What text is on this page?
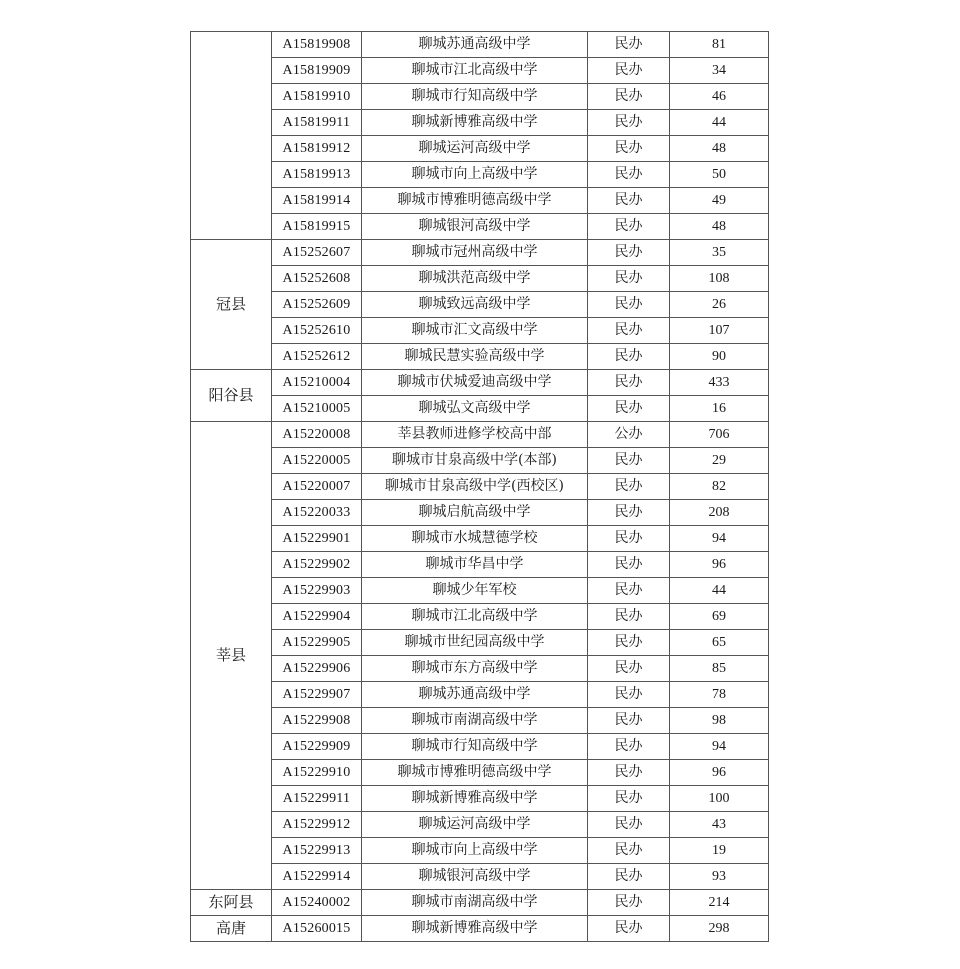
	A15819908	聊城苏通高级中学	民办	81
	A15819909	聊城市江北高级中学	民办	34
	A15819910	聊城市行知高级中学	民办	46
	A15819911	聊城新博雅高级中学	民办	44
	A15819912	聊城运河高级中学	民办	48
	A15819913	聊城市向上高级中学	民办	50
	A15819914	聊城市博雅明德高级中学	民办	49
	A15819915	聊城银河高级中学	民办	48
冠县	A15252607	聊城市冠州高级中学	民办	35
	A15252608	聊城洪范高级中学	民办	108
	A15252609	聊城致远高级中学	民办	26
	A15252610	聊城市汇文高级中学	民办	107
	A15252612	聊城民慧实验高级中学	民办	90
阳谷县	A15210004	聊城市伏城爱迪高级中学	民办	433
	A15210005	聊城弘文高级中学	民办	16
莘县	A15220008	莘县教师进修学校高中部	公办	706
	A15220005	聊城市甘泉高级中学(本部)	民办	29
	A15220007	聊城市甘泉高级中学(西校区)	民办	82
	A15220033	聊城启航高级中学	民办	208
	A15229901	聊城市水城慧德学校	民办	94
	A15229902	聊城市华昌中学	民办	96
	A15229903	聊城少年军校	民办	44
	A15229904	聊城市江北高级中学	民办	69
	A15229905	聊城市世纪园高级中学	民办	65
	A15229906	聊城市东方高级中学	民办	85
	A15229907	聊城苏通高级中学	民办	78
	A15229908	聊城市南湖高级中学	民办	98
	A15229909	聊城市行知高级中学	民办	94
	A15229910	聊城市博雅明德高级中学	民办	96
	A15229911	聊城新博雅高级中学	民办	100
	A15229912	聊城运河高级中学	民办	43
	A15229913	聊城市向上高级中学	民办	19
	A15229914	聊城银河高级中学	民办	93
东阿县	A15240002	聊城市南湖高级中学	民办	214
高唐	A15260015	聊城新博雅高级中学	民办	298
